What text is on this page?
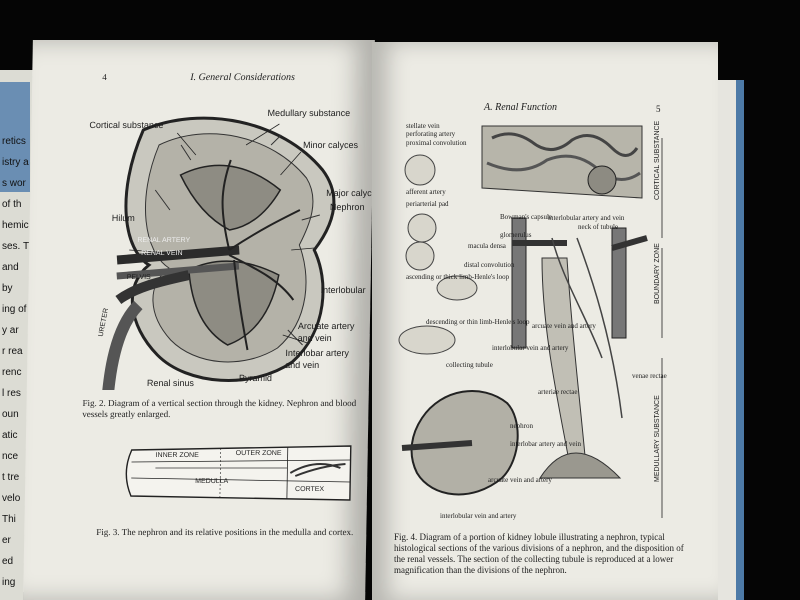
retics
istry a
s wor
of th
hemic
ses. T
and
by
ing of
y ar
r rea
renc
l res
oun
atic
nce
t tre
velo
Thi
er
ed
ing
4	I. General Considerations
Cortical substance
Medullary substance
Minor calyces
Major calyc
Nephron
Hilum
RENAL ARTERY
RENAL VEIN
PELVIS
URETER
Interlobular
Arcuate artery
and vein
Interlobar artery
and vein
Renal sinus	Pyramid
Fig. 2. Diagram of a vertical section through the kidney. Nephron and blood vessels greatly enlarged.
INNER ZONE	OUTER ZONE
MEDULLA
CORTEX
Fig. 3. The nephron and its relative positions in the medulla and cortex.
A. Renal Function	5
stellate vein
perforating artery
proximal convolution
afferent artery
periarterial pad
Bowman's capsule
glomerulus
interlobular artery and vein
neck of tubule
macula densa
distal convolution
ascending or thick limb-Henle's loop
descending or thin limb-Henle's loop arcuate vein and artery
interlobular vein and artery
collecting tubule
arteriae rectae
venae rectae
nephron
interlobar artery and vein
arcuate vein and artery
interlobular vein and artery
CORTICAL SUBSTANCE
BOUNDARY ZONE
MEDULLARY SUBSTANCE
Fig. 4. Diagram of a portion of kidney lobule illustrating a nephron, typical histological sections of the various divisions of a nephron, and the disposition of the renal vessels. The section of the collecting tubule is reproduced at a lower magnification than the divisions of the nephron.
